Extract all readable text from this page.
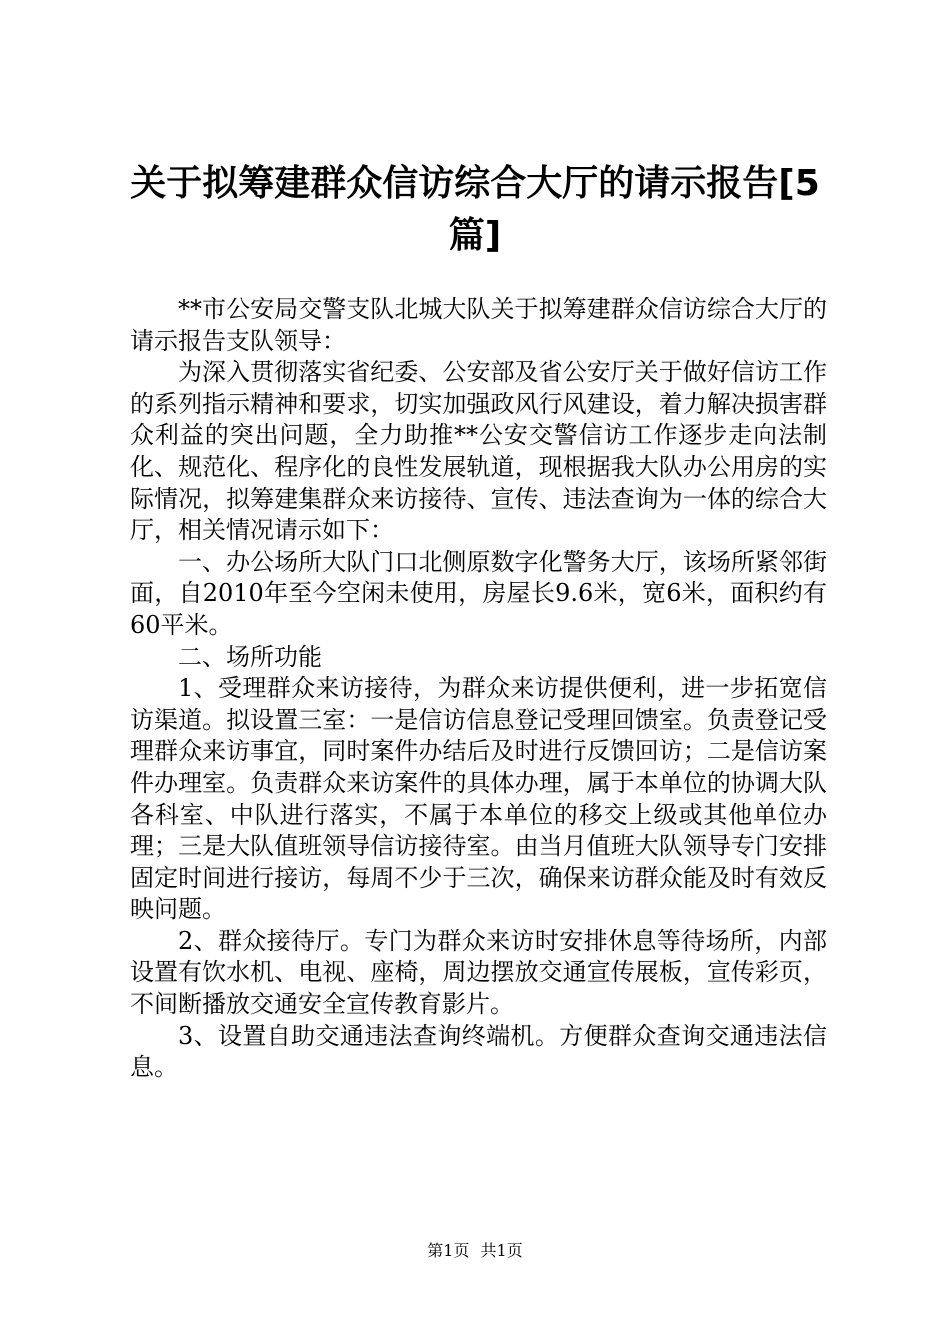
关于拟筹建群众信访综合大厅的请示报告[5篇]

**市公安局交警支队北城大队关于拟筹建群众信访综合大厅的请示报告支队领导：

为深入贯彻落实省纪委、公安部及省公安厅关于做好信访工作的系列指示精神和要求，切实加强政风行风建设，着力解决损害群众利益的突出问题，全力助推**公安交警信访工作逐步走向法制化、规范化、程序化的良性发展轨道，现根据我大队办公用房的实际情况，拟筹建集群众来访接待、宣传、违法查询为一体的综合大厅，相关情况请示如下：

一、办公场所大队门口北侧原数字化警务大厅，该场所紧邻街面，自2010年至今空闲未使用，房屋长9.6米，宽6米，面积约有60平米。

二、场所功能

1、受理群众来访接待，为群众来访提供便利，进一步拓宽信访渠道。拟设置三室：一是信访信息登记受理回馈室。负责登记受理群众来访事宜，同时案件办结后及时进行反馈回访；二是信访案件办理室。负责群众来访案件的具体办理，属于本单位的协调大队各科室、中队进行落实，不属于本单位的移交上级或其他单位办理；三是大队值班领导信访接待室。由当月值班大队领导专门安排固定时间进行接访，每周不少于三次，确保来访群众能及时有效反映问题。

2、群众接待厅。专门为群众来访时安排休息等待场所，内部设置有饮水机、电视、座椅，周边摆放交通宣传展板，宣传彩页，不间断播放交通安全宣传教育影片。

3、设置自助交通违法查询终端机。方便群众查询交通违法信息。

第1页 共1页
